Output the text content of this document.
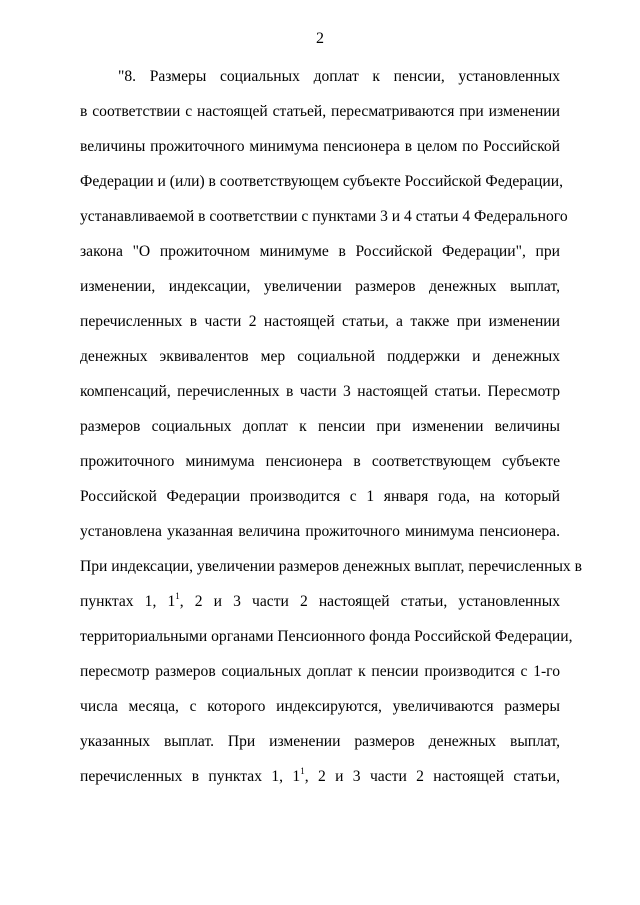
2
"8. Размеры социальных доплат к пенсии, установленных
в соответствии с настоящей статьей, пересматриваются при изменении
величины прожиточного минимума пенсионера в целом по Российской
Федерации и (или) в соответствующем субъекте Российской Федерации,
устанавливаемой в соответствии с пунктами 3 и 4 статьи 4 Федерального
закона "О прожиточном минимуме в Российской Федерации", при
изменении, индексации, увеличении размеров денежных выплат,
перечисленных в части 2 настоящей статьи, а также при изменении
денежных эквивалентов мер социальной поддержки и денежных
компенсаций, перечисленных в части 3 настоящей статьи. Пересмотр
размеров социальных доплат к пенсии при изменении величины
прожиточного минимума пенсионера в соответствующем субъекте
Российской Федерации производится с 1 января года, на который
установлена указанная величина прожиточного минимума пенсионера.
При индексации, увеличении размеров денежных выплат, перечисленных в
пунктах 1, $1^1$, 2 и 3 части 2 настоящей статьи, установленных
территориальными органами Пенсионного фонда Российской Федерации,
пересмотр размеров социальных доплат к пенсии производится с 1-го
числа месяца, с которого индексируются, увеличиваются размеры
указанных выплат. При изменении размеров денежных выплат,
перечисленных в пунктах 1, $1^1$, 2 и 3 части 2 настоящей статьи,
